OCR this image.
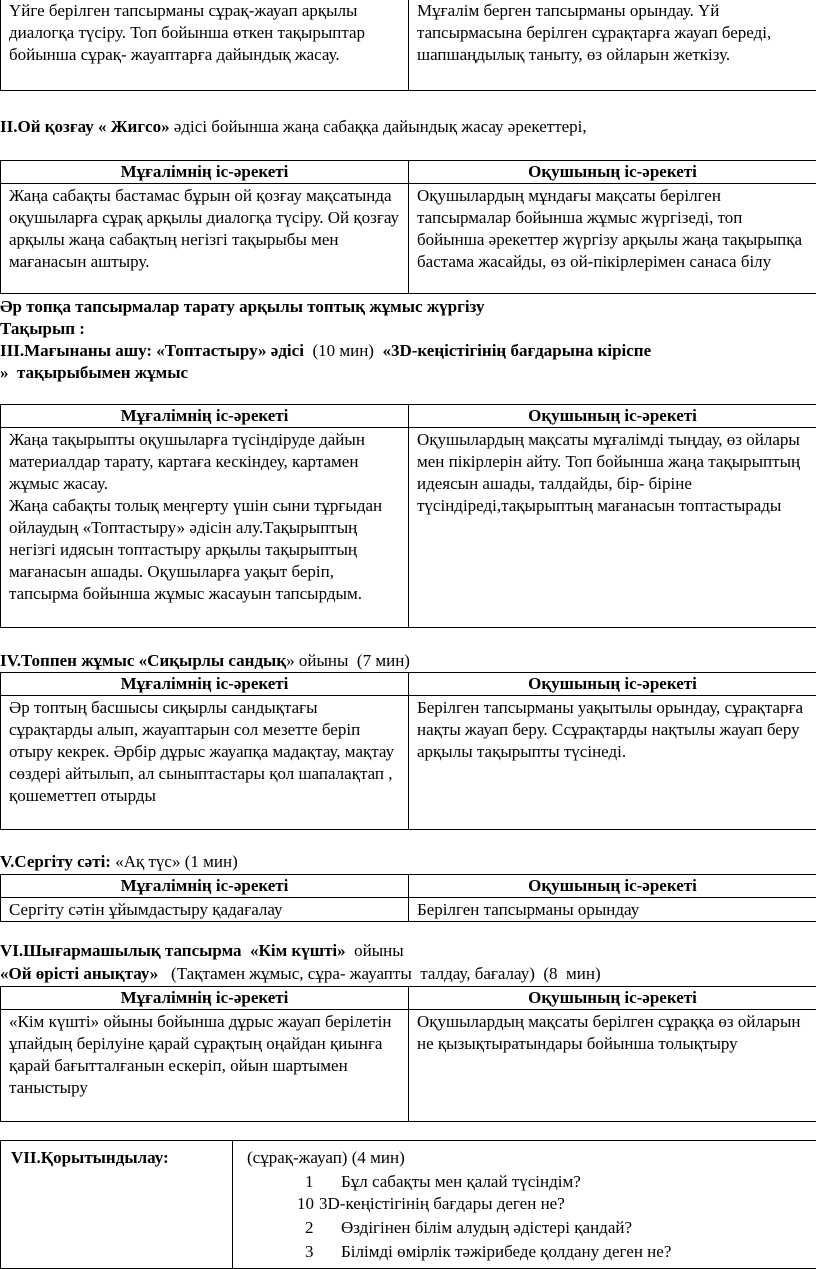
Үйге берілген тапсырманы сұрақ-жауап арқылы диалогқа түсіру. Топ бойынша өткен тақырыптар бойынша сұрақ- жауаптарға дайындық жасау.	Мұғалім берген тапсырманы орындау. Үй тапсырмасына берілген сұрақтарға жауап береді, шапшаңдылық таныту, өз ойларын жеткізу.
ІІ.Ой қозғау « Жигсо» әдісі бойынша жаңа сабаққа дайындық жасау әрекеттері,
Мұғалімнің іс-әрекеті	Оқушының іс-әрекеті
Жаңа сабақты бастамас бұрын ой қозғау мақсатында оқушыларға сұрақ арқылы диалогқа түсіру. Ой қозғау арқылы жаңа сабақтың негізгі тақырыбы мен мағанасын аштыру.	Оқушылардың мұндағы мақсаты берілген тапсырмалар бойынша жұмыс жүргізеді, топ бойынша әрекеттер жүргізу арқылы жаңа тақырыпқа бастама жасайды, өз ой-пікірлерімен санаса білу
Әр топқа тапсырмалар тарату арқылы топтық жұмыс жүргізу
Тақырып :
ІІІ.Мағынаны ашу: «Топтастыру» әдісі  (10 мин)  «3D-кеңістігінің бағдарына кіріспе
»  тақырыбымен жұмыс
Мұғалімнің іс-әрекеті	Оқушының іс-әрекеті
Жаңа тақырыпты оқушыларға түсіндіруде дайын материалдар тарату, картаға кескіндеу, картамен жұмыс жасау.
Жаңа сабақты толық меңгерту үшін сыни тұрғыдан ойлаудың «Топтастыру» әдісін алу.Тақырыптың негізгі идясын топтастыру арқылы тақырыптың мағанасын ашады. Оқушыларға уақыт беріп, тапсырма бойынша жұмыс жасауын тапсырдым.	Оқушылардың мақсаты мұғалімді тыңдау, өз ойлары мен пікірлерін айту. Топ бойынша жаңа тақырыптың идеясын ашады, талдайды, бір- біріне түсіндіреді,тақырыптың мағанасын топтастырады
IV.Топпен жұмыс «Сиқырлы сандық» ойыны  (7 мин)
Мұғалімнің іс-әрекеті	Оқушының іс-әрекеті
Әр топтың басшысы сиқырлы сандықтағы сұрақтарды алып, жауаптарын сол мезетте беріп отыру кекрек. Әрбір дұрыс жауапқа мадақтау, мақтау сөздері айтылып, ал сыныптастары қол шапалақтап , қошеметтеп отырды	Берілген тапсырманы уақытылы орындау, сұрақтарға нақты жауап беру. Ссұрақтарды нақтылы жауап беру арқылы тақырыпты түсінеді.
V.Сергіту сәті: «Ақ түс» (1 мин)
Мұғалімнің іс-әрекеті	Оқушының іс-әрекеті
Сергіту сәтін ұйымдастыру қадағалау	Берілген тапсырманы орындау
VІ.Шығармашылық тапсырма  «Кім күшті»  ойыны
«Ой өрісті анықтау»   (Тақтамен жұмыс, сұра- жауапты  талдау, бағалау)  (8  мин)
Мұғалімнің іс-әрекеті	Оқушының іс-әрекеті
«Кім күшті» ойыны бойынша дұрыс жауап берілетін ұпайдың берілуіне қарай сұрақтың оңайдан қиынға қарай бағытталғанын ескеріп, ойын шартымен таныстыру	Оқушылардың мақсаты берілген сұраққа өз ойларын не қызықтыратындары бойынша толықтыру
VІІ.Қорытындылау:	(сұрақ-жауап) (4 мин)
1 Бұл сабақты мен қалай түсіндім?
10 3D-кеңістігінің бағдары деген не?
2 Өздігінен білім алудың әдістері қандай?
3 Білімді өмірлік тәжірибеде қолдану деген не?
